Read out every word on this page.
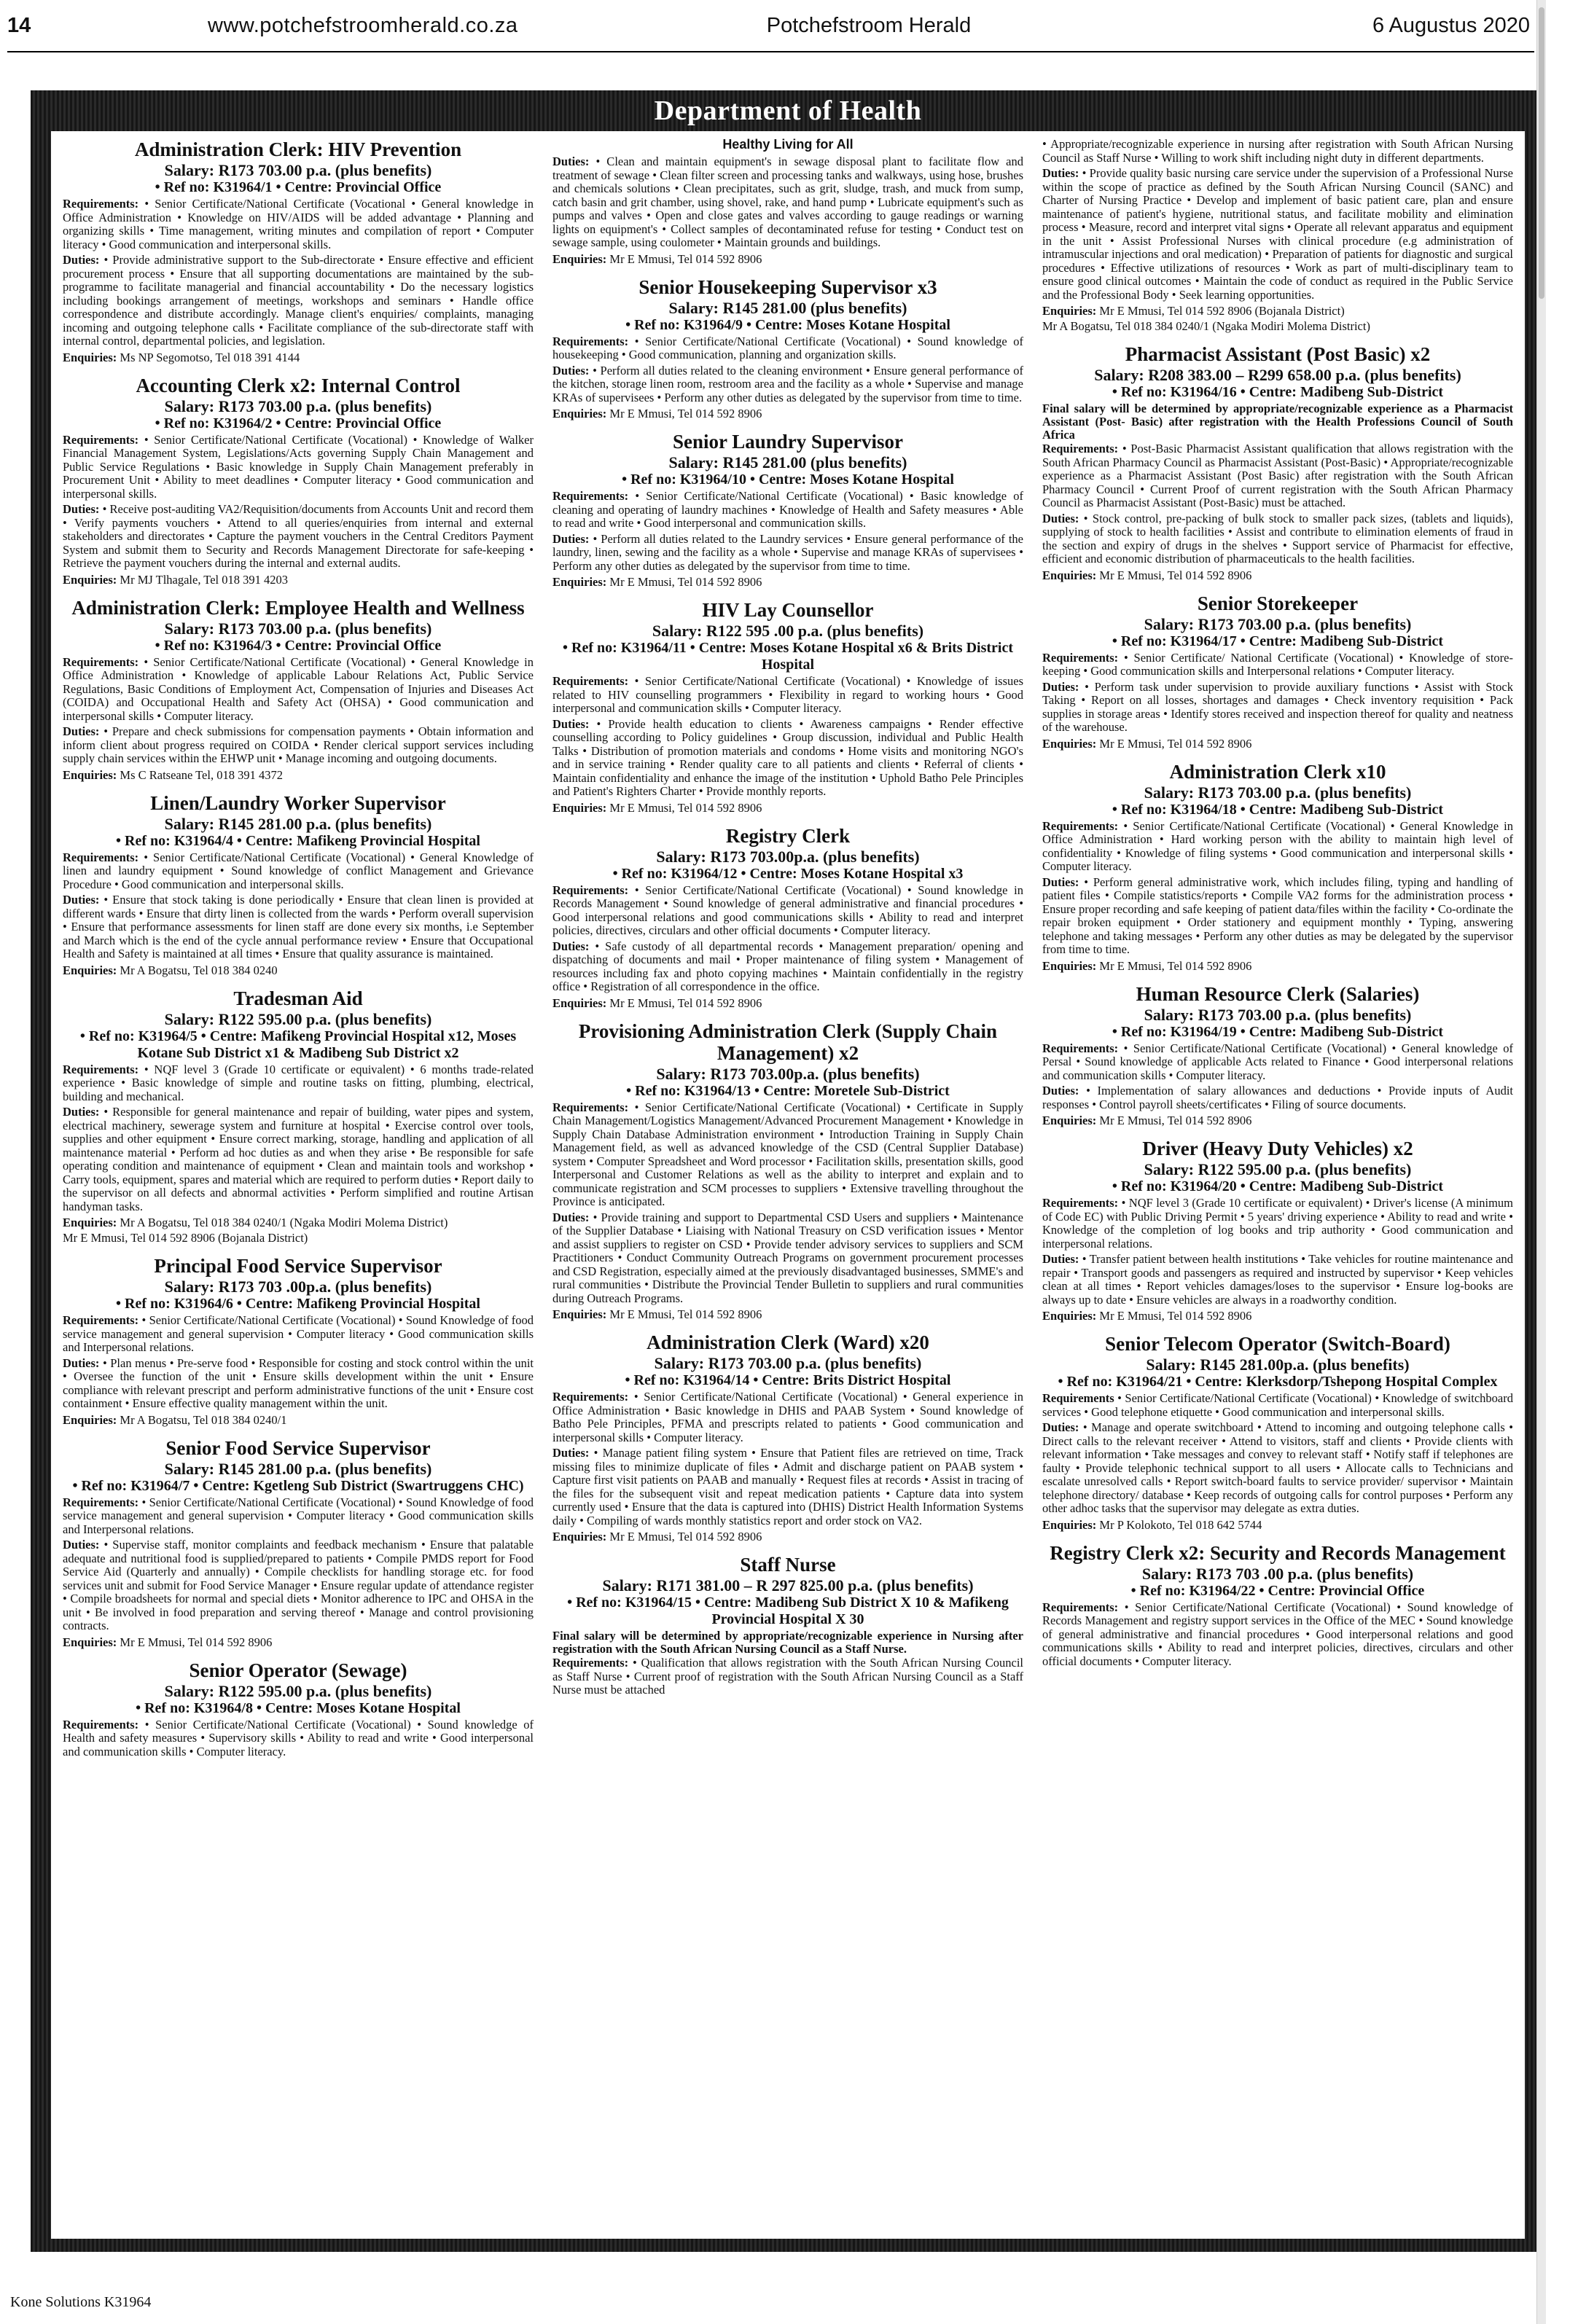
14	www.potchefstroomherald.co.za	Potchefstroom Herald	6 Augustus 2020
Department of Health
Administration Clerk: HIV Prevention
Salary: R173 703.00 p.a. (plus benefits)
• Ref no: K31964/1 • Centre: Provincial Office
Requirements: • Senior Certificate/National Certificate (Vocational • General knowledge in Office Administration • Knowledge on HIV/AIDS will be added advantage • Planning and organizing skills • Time management, writing minutes and compilation of report • Computer literacy • Good communication and interpersonal skills.
Duties: • Provide administrative support to the Sub-directorate • Ensure effective and efficient procurement process • Ensure that all supporting documentations are maintained by the sub-programme to facilitate managerial and financial accountability • Do the necessary logistics including bookings arrangement of meetings, workshops and seminars • Handle office correspondence and distribute accordingly. Manage client's enquiries/ complaints, managing incoming and outgoing telephone calls • Facilitate compliance of the sub-directorate staff with internal control, departmental policies, and legislation.
Enquiries: Ms NP Segomotso, Tel 018 391 4144
Accounting Clerk x2: Internal Control
Salary: R173 703.00 p.a. (plus benefits)
• Ref no: K31964/2 • Centre: Provincial Office
Requirements: • Senior Certificate/National Certificate (Vocational) • Knowledge of Walker Financial Management System, Legislations/Acts governing Supply Chain Management and Public Service Regulations • Basic knowledge in Supply Chain Management preferably in Procurement Unit • Ability to meet deadlines • Computer literacy • Good communication and interpersonal skills.
Duties: • Receive post-auditing VA2/Requisition/documents from Accounts Unit and record them • Verify payments vouchers • Attend to all queries/enquiries from internal and external stakeholders and directorates • Capture the payment vouchers in the Central Creditors Payment System and submit them to Security and Records Management Directorate for safe-keeping • Retrieve the payment vouchers during the internal and external audits.
Enquiries: Mr MJ Tlhagale, Tel 018 391 4203
Administration Clerk: Employee Health and Wellness
Salary: R173 703.00 p.a. (plus benefits)
• Ref no: K31964/3 • Centre: Provincial Office
Requirements: • Senior Certificate/National Certificate (Vocational) • General Knowledge in Office Administration • Knowledge of applicable Labour Relations Act, Public Service Regulations, Basic Conditions of Employment Act, Compensation of Injuries and Diseases Act (COIDA) and Occupational Health and Safety Act (OHSA) • Good communication and interpersonal skills • Computer literacy.
Duties: • Prepare and check submissions for compensation payments • Obtain information and inform client about progress required on COIDA • Render clerical support services including supply chain services within the EHWP unit • Manage incoming and outgoing documents.
Enquiries: Ms C Ratseane Tel, 018 391 4372
Linen/Laundry Worker Supervisor
Salary: R145 281.00 p.a. (plus benefits)
• Ref no: K31964/4 • Centre: Mafikeng Provincial Hospital
Requirements: • Senior Certificate/National Certificate (Vocational) • General Knowledge of linen and laundry equipment • Sound knowledge of conflict Management and Grievance Procedure • Good communication and interpersonal skills.
Duties: • Ensure that stock taking is done periodically • Ensure that clean linen is provided at different wards • Ensure that dirty linen is collected from the wards • Perform overall supervision • Ensure that performance assessments for linen staff are done every six months, i.e September and March which is the end of the cycle annual performance review • Ensure that Occupational Health and Safety is maintained at all times • Ensure that quality assurance is maintained.
Enquiries: Mr A Bogatsu, Tel 018 384 0240
Tradesman Aid
Salary: R122 595.00 p.a. (plus benefits)
• Ref no: K31964/5 • Centre: Mafikeng Provincial Hospital x12, Moses Kotane Sub District x1 & Madibeng Sub District x2
Requirements: • NQF level 3 (Grade 10 certificate or equivalent) • 6 months trade-related experience • Basic knowledge of simple and routine tasks on fitting, plumbing, electrical, building and mechanical.
Duties: • Responsible for general maintenance and repair of building, water pipes and system, electrical machinery, sewerage system and furniture at hospital • Exercise control over tools, supplies and other equipment • Ensure correct marking, storage, handling and application of all maintenance material • Perform ad hoc duties as and when they arise • Be responsible for safe operating condition and maintenance of equipment • Clean and maintain tools and workshop • Carry tools, equipment, spares and material which are required to perform duties • Report daily to the supervisor on all defects and abnormal activities • Perform simplified and routine Artisan handyman tasks.
Enquiries: Mr A Bogatsu, Tel 018 384 0240/1 (Ngaka Modiri Molema District)
Mr E Mmusi, Tel 014 592 8906 (Bojanala District)
Principal Food Service Supervisor
Salary: R173 703 .00p.a. (plus benefits)
• Ref no: K31964/6 • Centre: Mafikeng Provincial Hospital
Requirements: • Senior Certificate/National Certificate (Vocational) • Sound Knowledge of food service management and general supervision • Computer literacy • Good communication skills and Interpersonal relations.
Duties: • Plan menus • Pre-serve food • Responsible for costing and stock control within the unit • Oversee the function of the unit • Ensure skills development within the unit • Ensure compliance with relevant prescript and perform administrative functions of the unit • Ensure cost containment • Ensure effective quality management within the unit.
Enquiries: Mr A Bogatsu, Tel 018 384 0240/1
Senior Food Service Supervisor
Salary: R145 281.00 p.a. (plus benefits)
• Ref no: K31964/7 • Centre: Kgetleng Sub District (Swartruggens CHC)
Requirements: • Senior Certificate/National Certificate (Vocational) • Sound Knowledge of food service management and general supervision • Computer literacy • Good communication skills and Interpersonal relations.
Duties: • Supervise staff, monitor complaints and feedback mechanism • Ensure that palatable adequate and nutritional food is supplied/prepared to patients • Compile PMDS report for Food Service Aid (Quarterly and annually) • Compile checklists for handling storage etc. for food services unit and submit for Food Service Manager • Ensure regular update of attendance register • Compile broadsheets for normal and special diets • Monitor adherence to IPC and OHSA in the unit • Be involved in food preparation and serving thereof • Manage and control provisioning contracts.
Enquiries: Mr E Mmusi, Tel 014 592 8906
Senior Operator (Sewage)
Salary: R122 595.00 p.a. (plus benefits)
• Ref no: K31964/8 • Centre: Moses Kotane Hospital
Requirements: • Senior Certificate/National Certificate (Vocational) • Sound knowledge of Health and safety measures • Supervisory skills • Ability to read and write • Good interpersonal and communication skills • Computer literacy.
Healthy Living for All
Duties: • Clean and maintain equipment's in sewage disposal plant to facilitate flow and treatment of sewage • Clean filter screen and processing tanks and walkways, using hose, brushes and chemicals solutions • Clean precipitates, such as grit, sludge, trash, and muck from sump, catch basin and grit chamber, using shovel, rake, and hand pump • Lubricate equipment's such as pumps and valves • Open and close gates and valves according to gauge readings or warning lights on equipment's • Collect samples of decontaminated refuse for testing • Conduct test on sewage sample, using coulometer • Maintain grounds and buildings.
Enquiries: Mr E Mmusi, Tel 014 592 8906
Senior Housekeeping Supervisor x3
Salary: R145 281.00 (plus benefits)
• Ref no: K31964/9 • Centre: Moses Kotane Hospital
Requirements: • Senior Certificate/National Certificate (Vocational) • Sound knowledge of housekeeping • Good communication, planning and organization skills.
Duties: • Perform all duties related to the cleaning environment • Ensure general performance of the kitchen, storage linen room, restroom area and the facility as a whole • Supervise and manage KRAs of supervisees • Perform any other duties as delegated by the supervisor from time to time.
Enquiries: Mr E Mmusi, Tel 014 592 8906
Senior Laundry Supervisor
Salary: R145 281.00 (plus benefits)
• Ref no: K31964/10 • Centre: Moses Kotane Hospital
Requirements: • Senior Certificate/National Certificate (Vocational) • Basic knowledge of cleaning and operating of laundry machines • Knowledge of Health and Safety measures • Able to read and write • Good interpersonal and communication skills.
Duties: • Perform all duties related to the Laundry services • Ensure general performance of the laundry, linen, sewing and the facility as a whole • Supervise and manage KRAs of supervisees • Perform any other duties as delegated by the supervisor from time to time.
Enquiries: Mr E Mmusi, Tel 014 592 8906
HIV Lay Counsellor
Salary: R122 595 .00 p.a. (plus benefits)
• Ref no: K31964/11 • Centre: Moses Kotane Hospital x6 & Brits District Hospital
Requirements: • Senior Certificate/National Certificate (Vocational) • Knowledge of issues related to HIV counselling programmers • Flexibility in regard to working hours • Good interpersonal and communication skills • Computer literacy.
Duties: • Provide health education to clients • Awareness campaigns • Render effective counselling according to Policy guidelines • Group discussion, individual and Public Health Talks • Distribution of promotion materials and condoms • Home visits and monitoring NGO's and in service training • Render quality care to all patients and clients • Referral of clients • Maintain confidentiality and enhance the image of the institution • Uphold Batho Pele Principles and Patient's Righters Charter • Provide monthly reports.
Enquiries: Mr E Mmusi, Tel 014 592 8906
Registry Clerk
Salary: R173 703.00p.a. (plus benefits)
• Ref no: K31964/12 • Centre: Moses Kotane Hospital x3
Requirements: • Senior Certificate/National Certificate (Vocational) • Sound knowledge in Records Management • Sound knowledge of general administrative and financial procedures • Good interpersonal relations and good communications skills • Ability to read and interpret policies, directives, circulars and other official documents • Computer literacy.
Duties: • Safe custody of all departmental records • Management preparation/ opening and dispatching of documents and mail • Proper maintenance of filing system • Management of resources including fax and photo copying machines • Maintain confidentially in the registry office • Registration of all correspondence in the office.
Enquiries: Mr E Mmusi, Tel 014 592 8906
Provisioning Administration Clerk (Supply Chain Management) x2
Salary: R173 703.00p.a. (plus benefits)
• Ref no: K31964/13 • Centre: Moretele Sub-District
Requirements: • Senior Certificate/National Certificate (Vocational) • Certificate in Supply Chain Management/Logistics Management/Advanced Procurement Management • Knowledge in Supply Chain Database Administration environment • Introduction Training in Supply Chain Management field, as well as advanced knowledge of the CSD (Central Supplier Database) system • Computer Spreadsheet and Word processor • Facilitation skills, presentation skills, good Interpersonal and Customer Relations as well as the ability to interpret and explain and to communicate registration and SCM processes to suppliers • Extensive travelling throughout the Province is anticipated.
Duties: • Provide training and support to Departmental CSD Users and suppliers • Maintenance of the Supplier Database • Liaising with National Treasury on CSD verification issues • Mentor and assist suppliers to register on CSD • Provide tender advisory services to suppliers and SCM Practitioners • Conduct Community Outreach Programs on government procurement processes and CSD Registration, especially aimed at the previously disadvantaged businesses, SMME's and rural communities • Distribute the Provincial Tender Bulletin to suppliers and rural communities during Outreach Programs.
Enquiries: Mr E Mmusi, Tel 014 592 8906
Administration Clerk (Ward) x20
Salary: R173 703.00 p.a. (plus benefits)
• Ref no: K31964/14 • Centre: Brits District Hospital
Requirements: • Senior Certificate/National Certificate (Vocational) • General experience in Office Administration • Basic knowledge in DHIS and PAAB System • Sound knowledge of Batho Pele Principles, PFMA and prescripts related to patients • Good communication and interpersonal skills • Computer literacy.
Duties: • Manage patient filing system • Ensure that Patient files are retrieved on time, Track missing files to minimize duplicate of files • Admit and discharge patient on PAAB system • Capture first visit patients on PAAB and manually • Request files at records • Assist in tracing of the files for the subsequent visit and repeat medication patients • Capture data into system currently used • Ensure that the data is captured into (DHIS) District Health Information Systems daily • Compiling of wards monthly statistics report and order stock on VA2.
Enquiries: Mr E Mmusi, Tel 014 592 8906
Staff Nurse
Salary: R171 381.00 – R 297 825.00 p.a. (plus benefits)
• Ref no: K31964/15 • Centre: Madibeng Sub District X 10 & Mafikeng Provincial Hospital X 30
Final salary will be determined by appropriate/recognizable experience in Nursing after registration with the South African Nursing Council as a Staff Nurse.
Requirements: • Qualification that allows registration with the South African Nursing Council as Staff Nurse • Current proof of registration with the South African Nursing Council as a Staff Nurse must be attached
• Appropriate/recognizable experience in nursing after registration with South African Nursing Council as Staff Nurse • Willing to work shift including night duty in different departments.
Duties: • Provide quality basic nursing care service under the supervision of a Professional Nurse within the scope of practice as defined by the South African Nursing Council (SANC) and Charter of Nursing Practice • Develop and implement of basic patient care, plan and ensure maintenance of patient's hygiene, nutritional status, and facilitate mobility and elimination process • Measure, record and interpret vital signs • Operate all relevant apparatus and equipment in the unit • Assist Professional Nurses with clinical procedure (e.g administration of intramuscular injections and oral medication) • Preparation of patients for diagnostic and surgical procedures • Effective utilizations of resources • Work as part of multi-disciplinary team to ensure good clinical outcomes • Maintain the code of conduct as required in the Public Service and the Professional Body • Seek learning opportunities.
Enquiries: Mr E Mmusi, Tel 014 592 8906 (Bojanala District)
Mr A Bogatsu, Tel 018 384 0240/1 (Ngaka Modiri Molema District)
Pharmacist Assistant (Post Basic) x2
Salary: R208 383.00 – R299 658.00 p.a. (plus benefits)
• Ref no: K31964/16 • Centre: Madibeng Sub-District
Final salary will be determined by appropriate/recognizable experience as a Pharmacist Assistant (Post- Basic) after registration with the Health Professions Council of South Africa
Requirements: • Post-Basic Pharmacist Assistant qualification that allows registration with the South African Pharmacy Council as Pharmacist Assistant (Post-Basic) • Appropriate/recognizable experience as a Pharmacist Assistant (Post Basic) after registration with the South African Pharmacy Council • Current Proof of current registration with the South African Pharmacy Council as Pharmacist Assistant (Post-Basic) must be attached.
Duties: • Stock control, pre-packing of bulk stock to smaller pack sizes, (tablets and liquids), supplying of stock to health facilities • Assist and contribute to elimination elements of fraud in the section and expiry of drugs in the shelves • Support service of Pharmacist for effective, efficient and economic distribution of pharmaceuticals to the health facilities.
Enquiries: Mr E Mmusi, Tel 014 592 8906
Senior Storekeeper
Salary: R173 703.00 p.a. (plus benefits)
• Ref no: K31964/17 • Centre: Madibeng Sub-District
Requirements: • Senior Certificate/ National Certificate (Vocational) • Knowledge of store-keeping • Good communication skills and Interpersonal relations • Computer literacy.
Duties: • Perform task under supervision to provide auxiliary functions • Assist with Stock Taking • Report on all losses, shortages and damages • Check inventory requisition • Pack supplies in storage areas • Identify stores received and inspection thereof for quality and neatness of the warehouse.
Enquiries: Mr E Mmusi, Tel 014 592 8906
Administration Clerk x10
Salary: R173 703.00 p.a. (plus benefits)
• Ref no: K31964/18 • Centre: Madibeng Sub-District
Requirements: • Senior Certificate/National Certificate (Vocational) • General Knowledge in Office Administration • Hard working person with the ability to maintain high level of confidentiality • Knowledge of filing systems • Good communication and interpersonal skills • Computer literacy.
Duties: • Perform general administrative work, which includes filing, typing and handling of patient files • Compile statistics/reports • Compile VA2 forms for the administration process • Ensure proper recording and safe keeping of patient data/files within the facility • Co-ordinate the repair broken equipment • Order stationery and equipment monthly • Typing, answering telephone and taking messages • Perform any other duties as may be delegated by the supervisor from time to time.
Enquiries: Mr E Mmusi, Tel 014 592 8906
Human Resource Clerk (Salaries)
Salary: R173 703.00 p.a. (plus benefits)
• Ref no: K31964/19 • Centre: Madibeng Sub-District
Requirements: • Senior Certificate/National Certificate (Vocational) • General knowledge of Persal • Sound knowledge of applicable Acts related to Finance • Good interpersonal relations and communication skills • Computer literacy.
Duties: • Implementation of salary allowances and deductions • Provide inputs of Audit responses • Control payroll sheets/certificates • Filing of source documents.
Enquiries: Mr E Mmusi, Tel 014 592 8906
Driver (Heavy Duty Vehicles) x2
Salary: R122 595.00 p.a. (plus benefits)
• Ref no: K31964/20 • Centre: Madibeng Sub-District
Requirements: • NQF level 3 (Grade 10 certificate or equivalent) • Driver's license (A minimum of Code EC) with Public Driving Permit • 5 years' driving experience • Ability to read and write • Knowledge of the completion of log books and trip authority • Good communication and interpersonal relations.
Duties: • Transfer patient between health institutions • Take vehicles for routine maintenance and repair • Transport goods and passengers as required and instructed by supervisor • Keep vehicles clean at all times • Report vehicles damages/loses to the supervisor • Ensure log-books are always up to date • Ensure vehicles are always in a roadworthy condition.
Enquiries: Mr E Mmusi, Tel 014 592 8906
Senior Telecom Operator (Switch-Board)
Salary: R145 281.00p.a. (plus benefits)
• Ref no: K31964/21 • Centre: Klerksdorp/Tshepong Hospital Complex
Requirements • Senior Certificate/National Certificate (Vocational) • Knowledge of switchboard services • Good telephone etiquette • Good communication and interpersonal skills.
Duties: • Manage and operate switchboard • Attend to incoming and outgoing telephone calls • Direct calls to the relevant receiver • Attend to visitors, staff and clients • Provide clients with relevant information • Take messages and convey to relevant staff • Notify staff if telephones are faulty • Provide telephonic technical support to all users • Allocate calls to Technicians and escalate unresolved calls • Report switch-board faults to service provider/ supervisor • Maintain telephone directory/ database • Keep records of outgoing calls for control purposes • Perform any other adhoc tasks that the supervisor may delegate as extra duties.
Enquiries: Mr P Kolokoto, Tel 018 642 5744
Registry Clerk x2: Security and Records Management
Salary: R173 703 .00 p.a. (plus benefits)
• Ref no: K31964/22 • Centre: Provincial Office
Requirements: • Senior Certificate/National Certificate (Vocational) • Sound knowledge of Records Management and registry support services in the Office of the MEC • Sound knowledge of general administrative and financial procedures • Good interpersonal relations and good communications skills • Ability to read and interpret policies, directives, circulars and other official documents • Computer literacy.
Kone Solutions K31964
